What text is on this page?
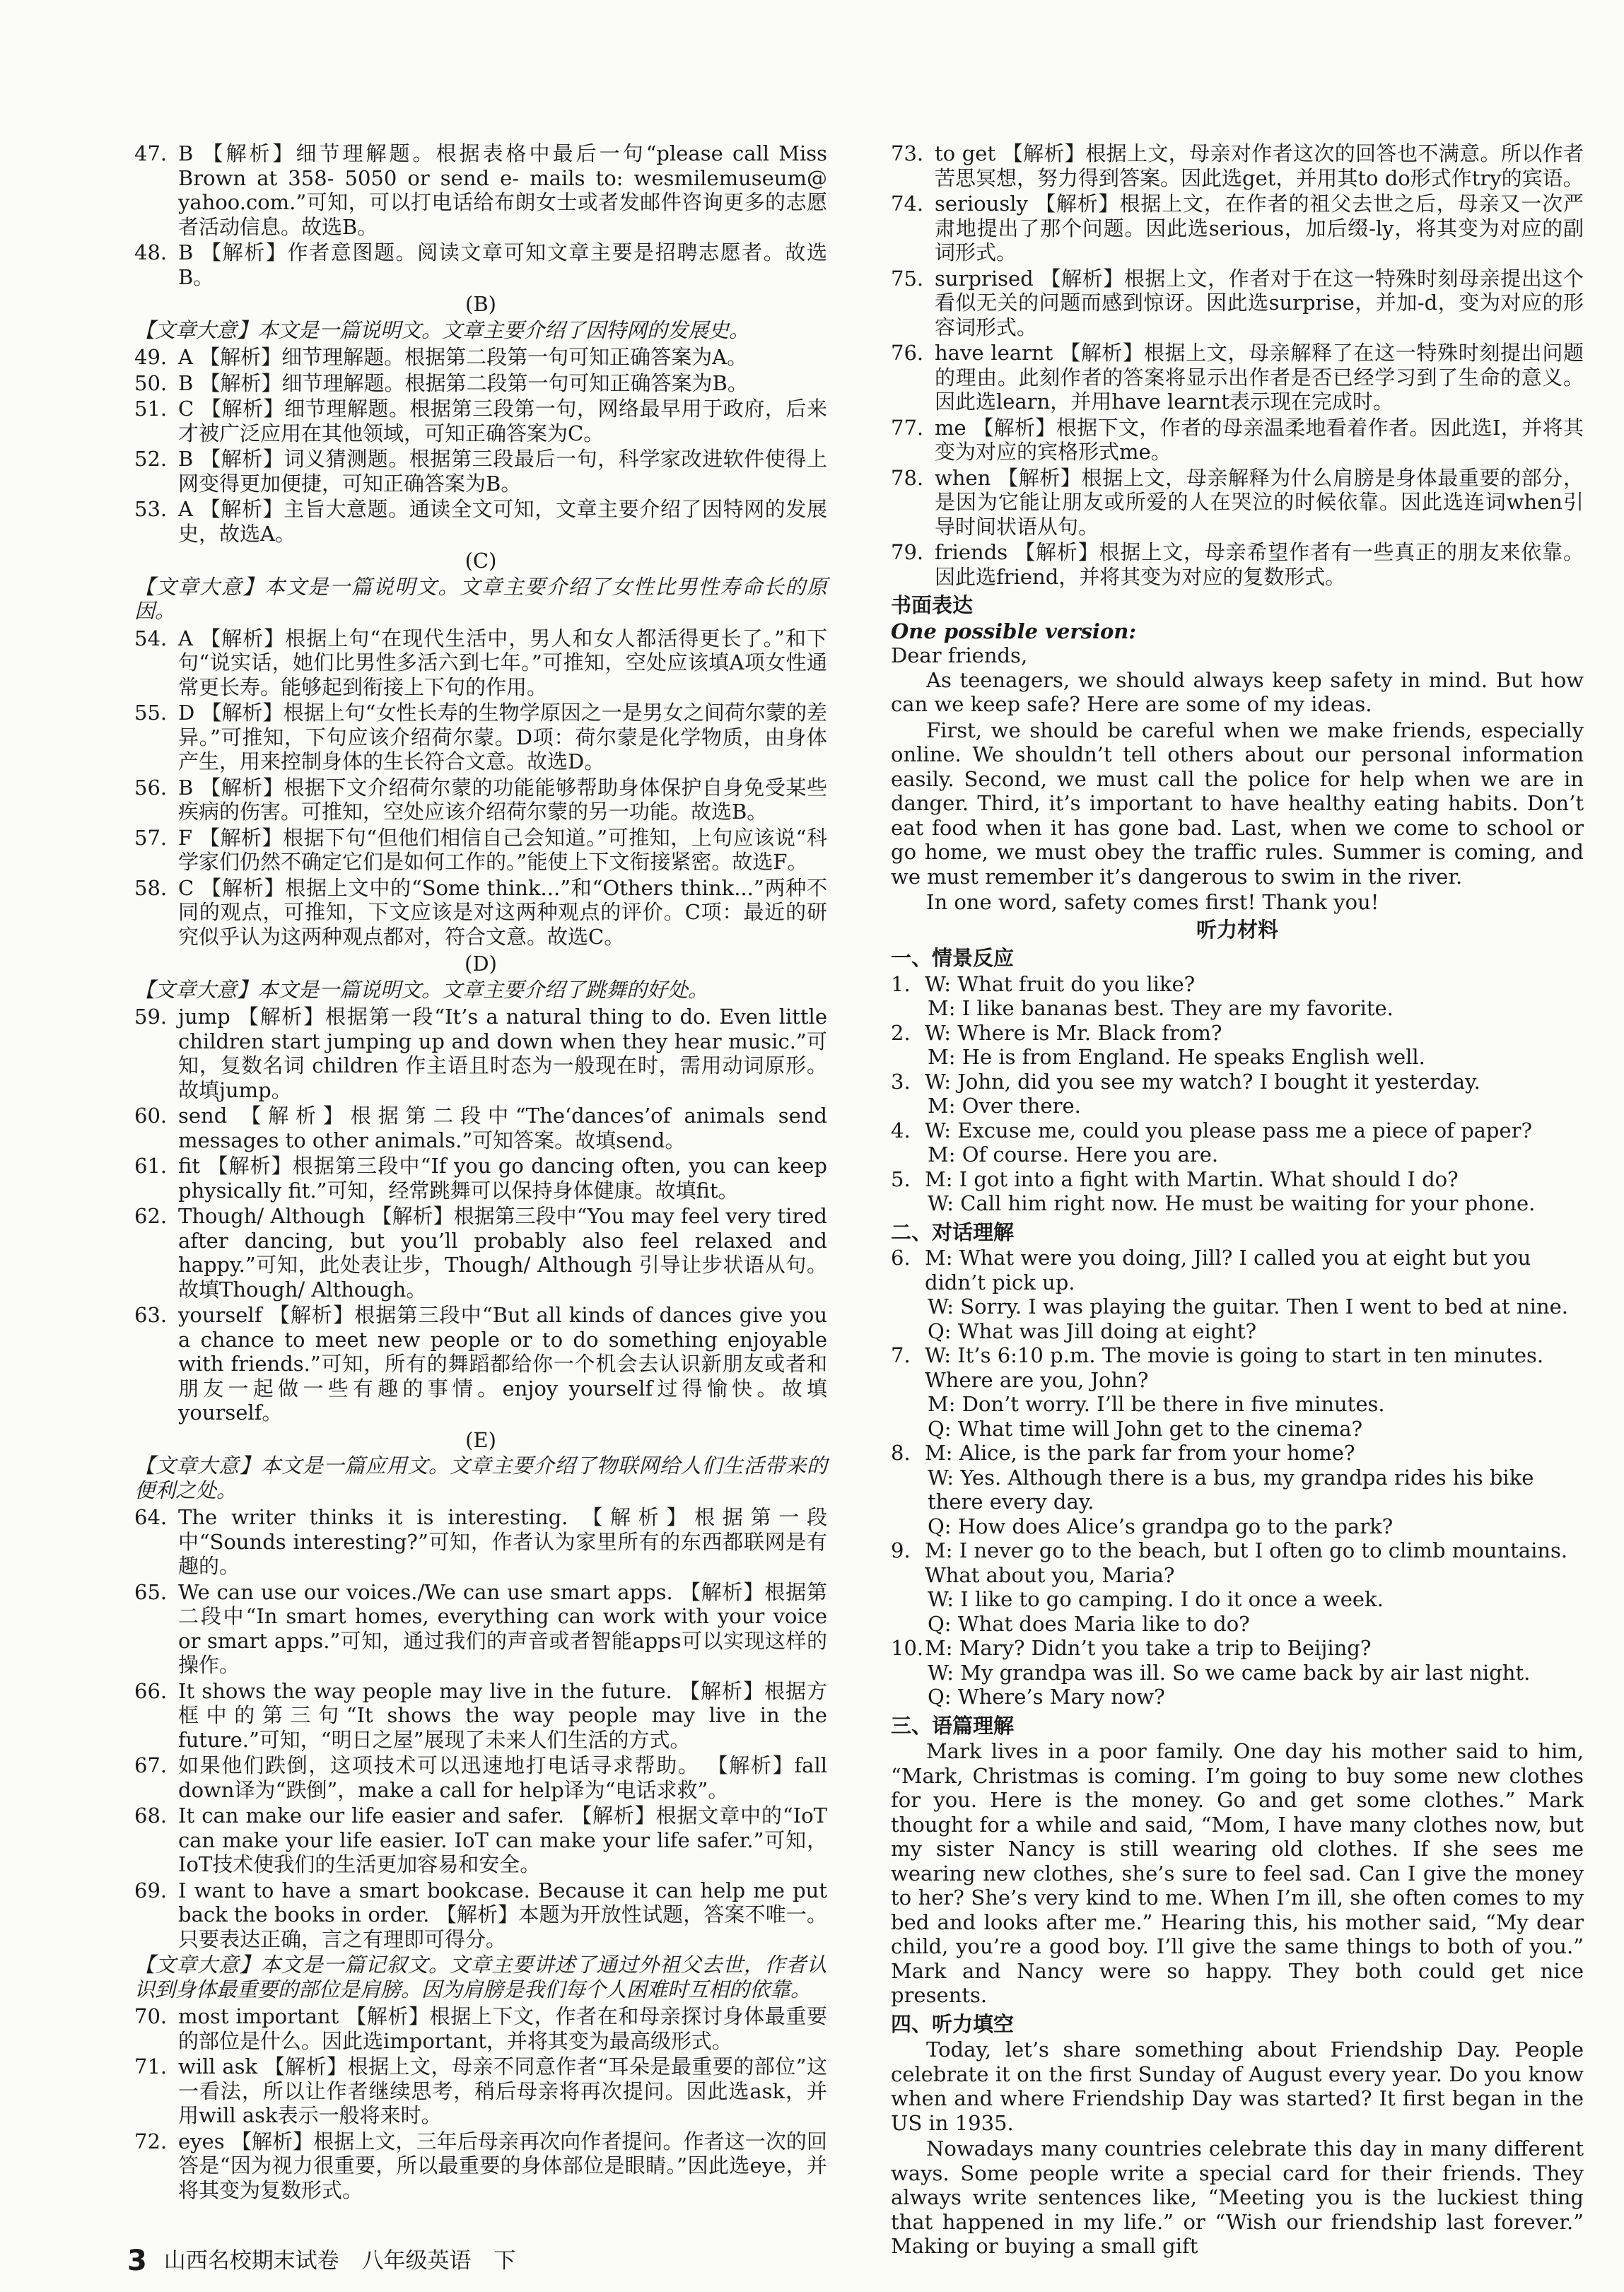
47. B 【解析】细节理解题。根据表格中最后一句“please call Miss Brown at 358- 5050 or send e- mails to: wesmilemuseum@ yahoo.com.”可知，可以打电话给布朗女士或者发邮件咨询更多的志愿者活动信息。故选B。
48. B 【解析】作者意图题。阅读文章可知文章主要是招聘志愿者。故选B。
(B)
【文章大意】本文是一篇说明文。文章主要介绍了因特网的发展史。
49. A 【解析】细节理解题。根据第二段第一句可知正确答案为A。
50. B 【解析】细节理解题。根据第二段第一句可知正确答案为B。
51. C 【解析】细节理解题。根据第三段第一句，网络最早用于政府，后来才被广泛应用在其他领域，可知正确答案为C。
52. B 【解析】词义猜测题。根据第三段最后一句，科学家改进软件使得上网变得更加便捷，可知正确答案为B。
53. A 【解析】主旨大意题。通读全文可知，文章主要介绍了因特网的发展史，故选A。
(C)
【文章大意】本文是一篇说明文。文章主要介绍了女性比男性寿命长的原因。
54. A 【解析】根据上句“在现代生活中，男人和女人都活得更长了。”和下句“说实话，她们比男性多活六到七年。”可推知，空处应该填A项女性通常更长寿。能够起到衔接上下句的作用。
55. D 【解析】根据上句“女性长寿的生物学原因之一是男女之间荷尔蒙的差异。”可推知，下句应该介绍荷尔蒙。D项：荷尔蒙是化学物质，由身体产生，用来控制身体的生长符合文意。故选D。
56. B 【解析】根据下文介绍荷尔蒙的功能能够帮助身体保护自身免受某些疾病的伤害。可推知，空处应该介绍荷尔蒙的另一功能。故选B。
57. F 【解析】根据下句“但他们相信自己会知道。”可推知，上句应该说“科学家们仍然不确定它们是如何工作的。”能使上下文衔接紧密。故选F。
58. C 【解析】根据上文中的“Some think...”和“Others think...”两种不同的观点，可推知，下文应该是对这两种观点的评价。C项：最近的研究似乎认为这两种观点都对，符合文意。故选C。
(D)
【文章大意】本文是一篇说明文。文章主要介绍了跳舞的好处。
59. jump 【解析】根据第一段“It’s a natural thing to do. Even little children start jumping up and down when they hear music.”可知，复数名词 children 作主语且时态为一般现在时，需用动词原形。故填jump。
60. send 【解析】根据第二段中“The‘dances’of animals send messages to other animals.”可知答案。故填send。
61. fit 【解析】根据第三段中“If you go dancing often, you can keep physically fit.”可知，经常跳舞可以保持身体健康。故填fit。
62. Though/ Although 【解析】根据第三段中“You may feel very tired after dancing, but you’ll probably also feel relaxed and happy.”可知，此处表让步，Though/ Although 引导让步状语从句。故填Though/ Although。
63. yourself 【解析】根据第三段中“But all kinds of dances give you a chance to meet new people or to do something enjoyable with friends.”可知，所有的舞蹈都给你一个机会去认识新朋友或者和朋友一起做一些有趣的事情。enjoy yourself过得愉快。故填yourself。
(E)
【文章大意】本文是一篇应用文。文章主要介绍了物联网给人们生活带来的便利之处。
64. The writer thinks it is interesting. 【解析】根据第一段中“Sounds interesting?”可知，作者认为家里所有的东西都联网是有趣的。
65. We can use our voices./We can use smart apps. 【解析】根据第二段中“In smart homes, everything can work with your voice or smart apps.”可知，通过我们的声音或者智能apps可以实现这样的操作。
66. It shows the way people may live in the future. 【解析】根据方框中的第三句“It shows the way people may live in the future.”可知，“明日之屋”展现了未来人们生活的方式。
67. 如果他们跌倒，这项技术可以迅速地打电话寻求帮助。 【解析】fall down译为“跌倒”，make a call for help译为“电话求救”。
68. It can make our life easier and safer. 【解析】根据文章中的“IoT can make your life easier. IoT can make your life safer.”可知，IoT技术使我们的生活更加容易和安全。
69. I want to have a smart bookcase. Because it can help me put back the books in order. 【解析】本题为开放性试题，答案不唯一。只要表达正确，言之有理即可得分。
【文章大意】本文是一篇记叙文。文章主要讲述了通过外祖父去世，作者认识到身体最重要的部位是肩膀。因为肩膀是我们每个人困难时互相的依靠。
70. most important 【解析】根据上下文，作者在和母亲探讨身体最重要的部位是什么。因此选important，并将其变为最高级形式。
71. will ask 【解析】根据上文，母亲不同意作者“耳朵是最重要的部位”这一看法，所以让作者继续思考，稍后母亲将再次提问。因此选ask，并用will ask表示一般将来时。
72. eyes 【解析】根据上文，三年后母亲再次向作者提问。作者这一次的回答是“因为视力很重要，所以最重要的身体部位是眼睛。”因此选eye，并将其变为复数形式。
73. to get 【解析】根据上文，母亲对作者这次的回答也不满意。所以作者苦思冥想，努力得到答案。因此选get，并用其to do形式作try的宾语。
74. seriously 【解析】根据上文，在作者的祖父去世之后，母亲又一次严肃地提出了那个问题。因此选serious，加后缀-ly，将其变为对应的副词形式。
75. surprised 【解析】根据上文，作者对于在这一特殊时刻母亲提出这个看似无关的问题而感到惊讶。因此选surprise，并加-d，变为对应的形容词形式。
76. have learnt 【解析】根据上文，母亲解释了在这一特殊时刻提出问题的理由。此刻作者的答案将显示出作者是否已经学习到了生命的意义。因此选learn，并用have learnt表示现在完成时。
77. me 【解析】根据下文，作者的母亲温柔地看着作者。因此选I，并将其变为对应的宾格形式me。
78. when 【解析】根据上文，母亲解释为什么肩膀是身体最重要的部分，是因为它能让朋友或所爱的人在哭泣的时候依靠。因此选连词when引导时间状语从句。
79. friends 【解析】根据上文，母亲希望作者有一些真正的朋友来依靠。因此选friend，并将其变为对应的复数形式。
书面表达
One possible version:
Dear friends,
As teenagers, we should always keep safety in mind. But how can we keep safe? Here are some of my ideas.
First, we should be careful when we make friends, especially online. We shouldn’t tell others about our personal information easily. Second, we must call the police for help when we are in danger. Third, it’s important to have healthy eating habits. Don’t eat food when it has gone bad. Last, when we come to school or go home, we must obey the traffic rules. Summer is coming, and we must remember it’s dangerous to swim in the river.
In one word, safety comes first! Thank you!
听力材料
一、情景反应
1. W: What fruit do you like?
M: I like bananas best. They are my favorite.
2. W: Where is Mr. Black from?
M: He is from England. He speaks English well.
3. W: John, did you see my watch? I bought it yesterday.
M: Over there.
4. W: Excuse me, could you please pass me a piece of paper?
M: Of course. Here you are.
5. M: I got into a fight with Martin. What should I do?
W: Call him right now. He must be waiting for your phone.
二、对话理解
6. M: What were you doing, Jill? I called you at eight but you didn’t pick up.
W: Sorry. I was playing the guitar. Then I went to bed at nine.
Q: What was Jill doing at eight?
7. W: It’s 6:10 p.m. The movie is going to start in ten minutes. Where are you, John?
M: Don’t worry. I’ll be there in five minutes.
Q: What time will John get to the cinema?
8. M: Alice, is the park far from your home?
W: Yes. Although there is a bus, my grandpa rides his bike there every day.
Q: How does Alice’s grandpa go to the park?
9. M: I never go to the beach, but I often go to climb mountains. What about you, Maria?
W: I like to go camping. I do it once a week.
Q: What does Maria like to do?
10. M: Mary? Didn’t you take a trip to Beijing?
W: My grandpa was ill. So we came back by air last night.
Q: Where’s Mary now?
三、语篇理解
Mark lives in a poor family. One day his mother said to him, “Mark, Christmas is coming. I’m going to buy some new clothes for you. Here is the money. Go and get some clothes.” Mark thought for a while and said, “Mom, I have many clothes now, but my sister Nancy is still wearing old clothes. If she sees me wearing new clothes, she’s sure to feel sad. Can I give the money to her? She’s very kind to me. When I’m ill, she often comes to my bed and looks after me.” Hearing this, his mother said, “My dear child, you’re a good boy. I’ll give the same things to both of you.” Mark and Nancy were so happy. They both could get nice presents.
四、听力填空
Today, let’s share something about Friendship Day. People celebrate it on the first Sunday of August every year. Do you know when and where Friendship Day was started? It first began in the US in 1935.
Nowadays many countries celebrate this day in many different ways. Some people write a special card for their friends. They always write sentences like, “Meeting you is the luckiest thing that happened in my life.” or “Wish our friendship last forever.” Making or buying a small gift
3 山西名校期末试卷 八年级英语 下
